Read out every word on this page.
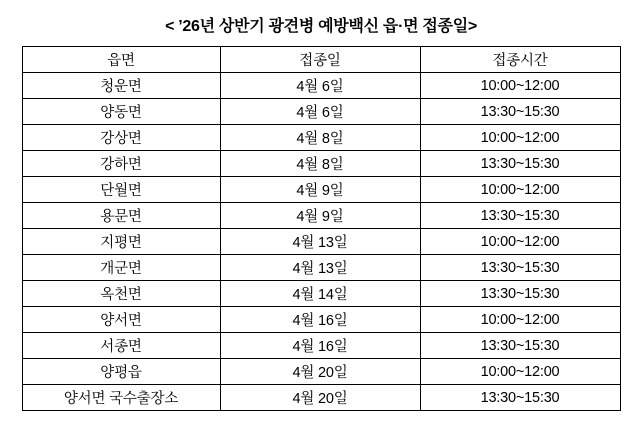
< ’26년 상반기 광견병 예방백신 읍·면 접종일>
읍면	접종일	접종시간
청운면	4월 6일	10:00~12:00
양동면	4월 6일	13:30~15:30
강상면	4월 8일	10:00~12:00
강하면	4월 8일	13:30~15:30
단월면	4월 9일	10:00~12:00
용문면	4월 9일	13:30~15:30
지평면	4월 13일	10:00~12:00
개군면	4월 13일	13:30~15:30
옥천면	4월 14일	13:30~15:30
양서면	4월 16일	10:00~12:00
서종면	4월 16일	13:30~15:30
양평읍	4월 20일	10:00~12:00
양서면 국수출장소	4월 20일	13:30~15:30
